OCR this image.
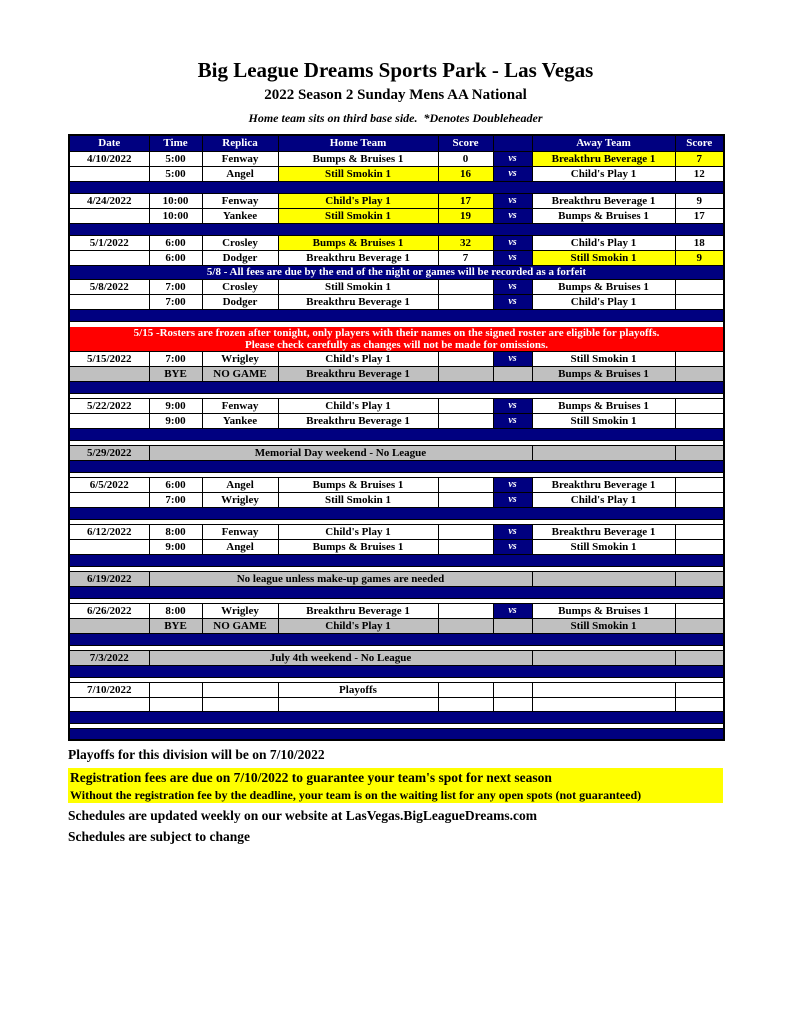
Big League Dreams Sports Park - Las Vegas
2022 Season 2 Sunday Mens AA National
Home team sits on third base side.  *Denotes Doubleheader
Date	Time	Replica	Home Team	Score		Away Team	Score
4/10/2022	5:00	Fenway	Bumps & Bruises 1	0	vs	Breakthru Beverage 1	7
	5:00	Angel	Still Smokin 1	16	vs	Child's Play 1	12

4/24/2022	10:00	Fenway	Child's Play 1	17	vs	Breakthru Beverage 1	9
	10:00	Yankee	Still Smokin 1	19	vs	Bumps & Bruises 1	17

5/1/2022	6:00	Crosley	Bumps & Bruises 1	32	vs	Child's Play 1	18
	6:00	Dodger	Breakthru Beverage 1	7	vs	Still Smokin 1	9
5/8 - All fees are due by the end of the night or games will be recorded as a forfeit							
5/8/2022	7:00	Crosley	Still Smokin 1		vs	Bumps & Bruises 1	
	7:00	Dodger	Breakthru Beverage 1		vs	Child's Play 1	

5/15 -Rosters are frozen after tonight, only players with their names on the signed roster are eligible for playoffs.							
Please check carefully as changes will not be made for omissions.							
5/15/2022	7:00	Wrigley	Child's Play 1		vs	Still Smokin 1	
	BYE	NO GAME	Breakthru Beverage 1			Bumps & Bruises 1	

5/22/2022	9:00	Fenway	Child's Play 1		vs	Bumps & Bruises 1	
	9:00	Yankee	Breakthru Beverage 1		vs	Still Smokin 1	

5/29/2022	Memorial Day weekend - No League						

6/5/2022	6:00	Angel	Bumps & Bruises 1		vs	Breakthru Beverage 1	
	7:00	Wrigley	Still Smokin 1		vs	Child's Play 1	

6/12/2022	8:00	Fenway	Child's Play 1		vs	Breakthru Beverage 1	
	9:00	Angel	Bumps & Bruises 1		vs	Still Smokin 1	

6/19/2022	No league unless make-up games are needed						

6/26/2022	8:00	Wrigley	Breakthru Beverage 1		vs	Bumps & Bruises 1	
	BYE	NO GAME	Child's Play 1			Still Smokin 1	

7/3/2022	July 4th weekend - No League						

7/10/2022			Playoffs				

Playoffs for this division will be on 7/10/2022
Registration fees are due on 7/10/2022 to guarantee your team's spot for next season
Without the registration fee by the deadline, your team is on the waiting list for any open spots (not guaranteed)
Schedules are updated weekly on our website at LasVegas.BigLeagueDreams.com
Schedules are subject to change
